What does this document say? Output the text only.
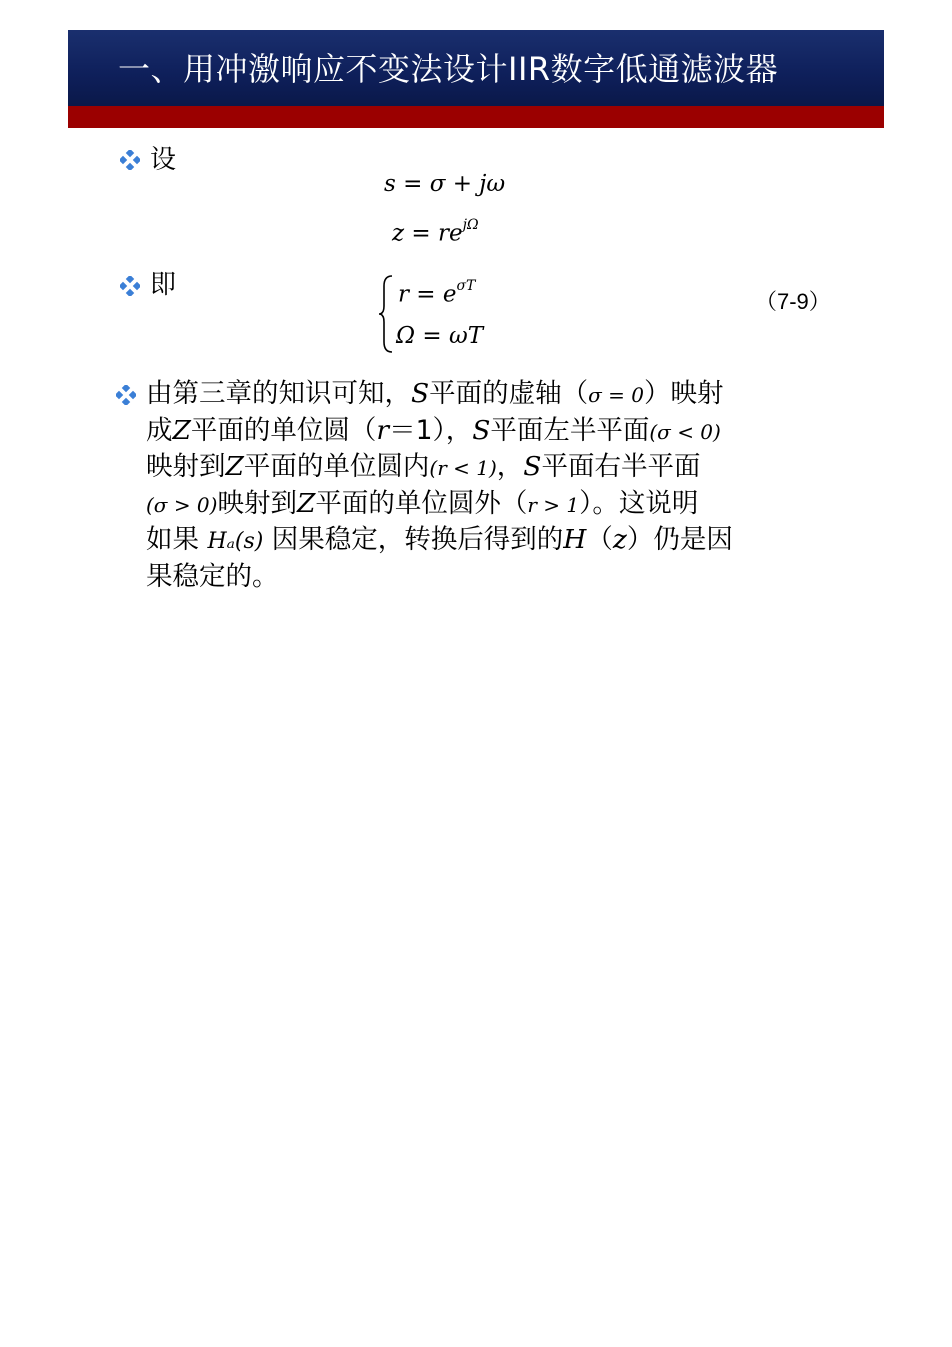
一、用冲激响应不变法设计IIR数字低通滤波器
设
s = σ + jω
$z = re^{j\Omega}$
即	$r = e^{\sigma T}$
Ω = ωT
（7-9）
由第三章的知识可知，S平面的虚轴（σ = 0）映射
成Z平面的单位圆（r＝1），S平面左半平面(σ < 0)
映射到Z平面的单位圆内(r < 1)，S平面右半平面
(σ > 0)映射到Z平面的单位圆外（r > 1）。这说明
如果 Hₐ(s) 因果稳定，转换后得到的H（z）仍是因
果稳定的。
